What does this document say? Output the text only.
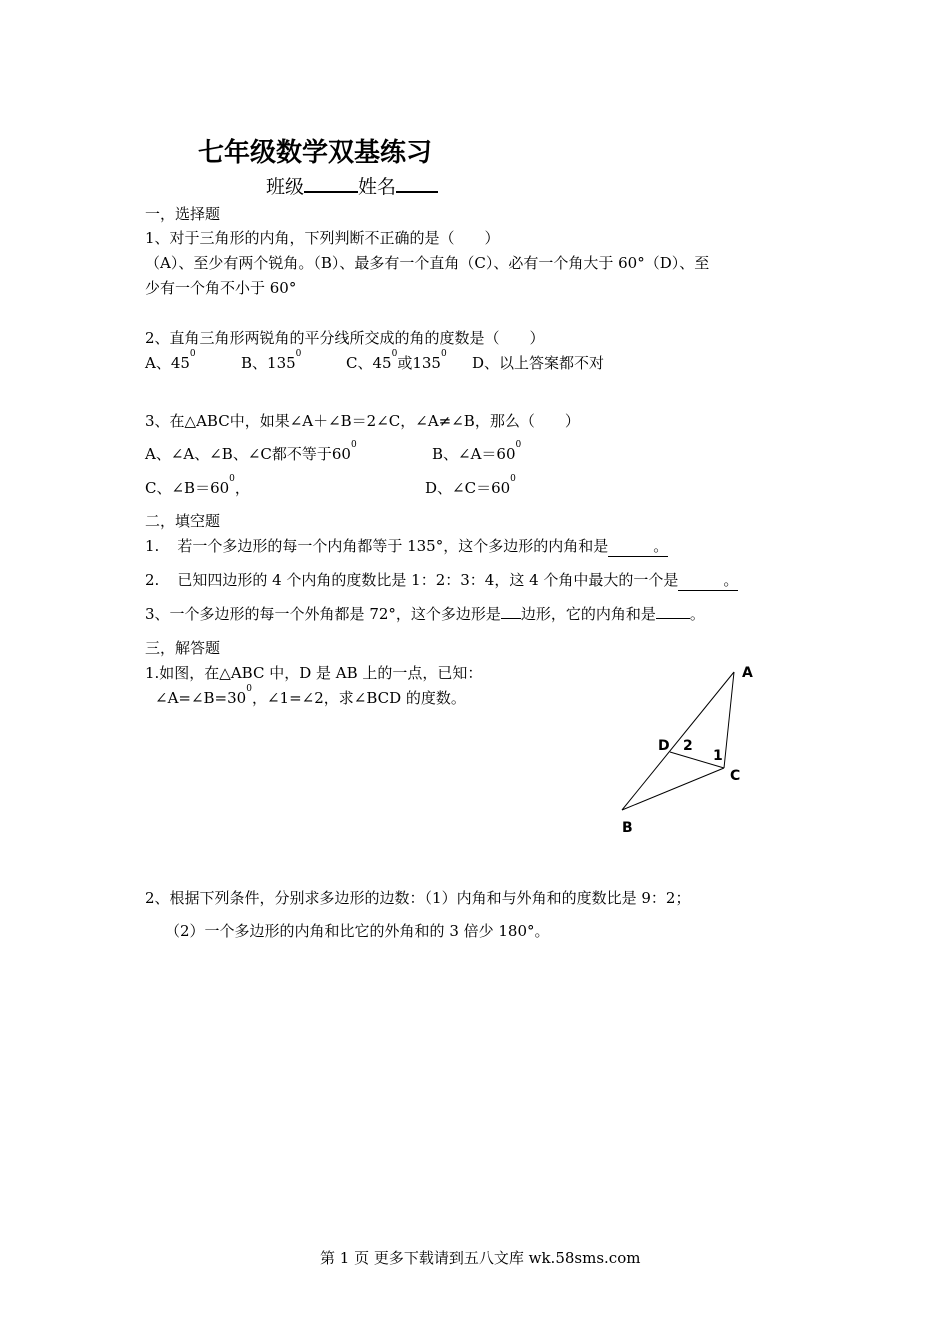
七年级数学双基练习
班级	姓名
一，选择题
1、对于三角形的内角，下列判断不正确的是（　　）
（A）、至少有两个锐角。（B）、最多有一个直角（C）、必有一个角大于 60°（D）、至
少有一个角不小于 60°
2、直角三角形两锐角的平分线所交成的角的度数是（　　）
A、$45^0$	B、$135^0$	C、$45^0$或$135^0$ D、以上答案都不对
3、在△ABC中，如果∠A＋∠B＝2∠C，∠A≠∠B，那么（　　）
A、∠A、∠B、∠C都不等于$60^0$	B、$\angle A=60^0$
C、$\angle B=60^0$，	D、$\angle C=60^0$
二，填空题
1. 若一个多边形的每一个内角都等于 135°，这个多边形的内角和是　　　。
2. 已知四边形的 4 个内角的度数比是 1：2：3：4，这 4 个角中最大的一个是　　　。
3、一个多边形的每一个外角都是 72°，这个多边形是 边形，它的内角和是 。
三，解答题
1.如图，在△ABC 中，D 是 AB 上的一点，已知：
$\angle A=\angle B=30^0$，∠1=∠2，求∠BCD 的度数。
A
B
C
D 2
1
2、根据下列条件，分别求多边形的边数：（1）内角和与外角和的度数比是 9：2；
（2）一个多边形的内角和比它的外角和的 3 倍少 180°。
第 1 页 更多下载请到五八文库 wk.58sms.com
